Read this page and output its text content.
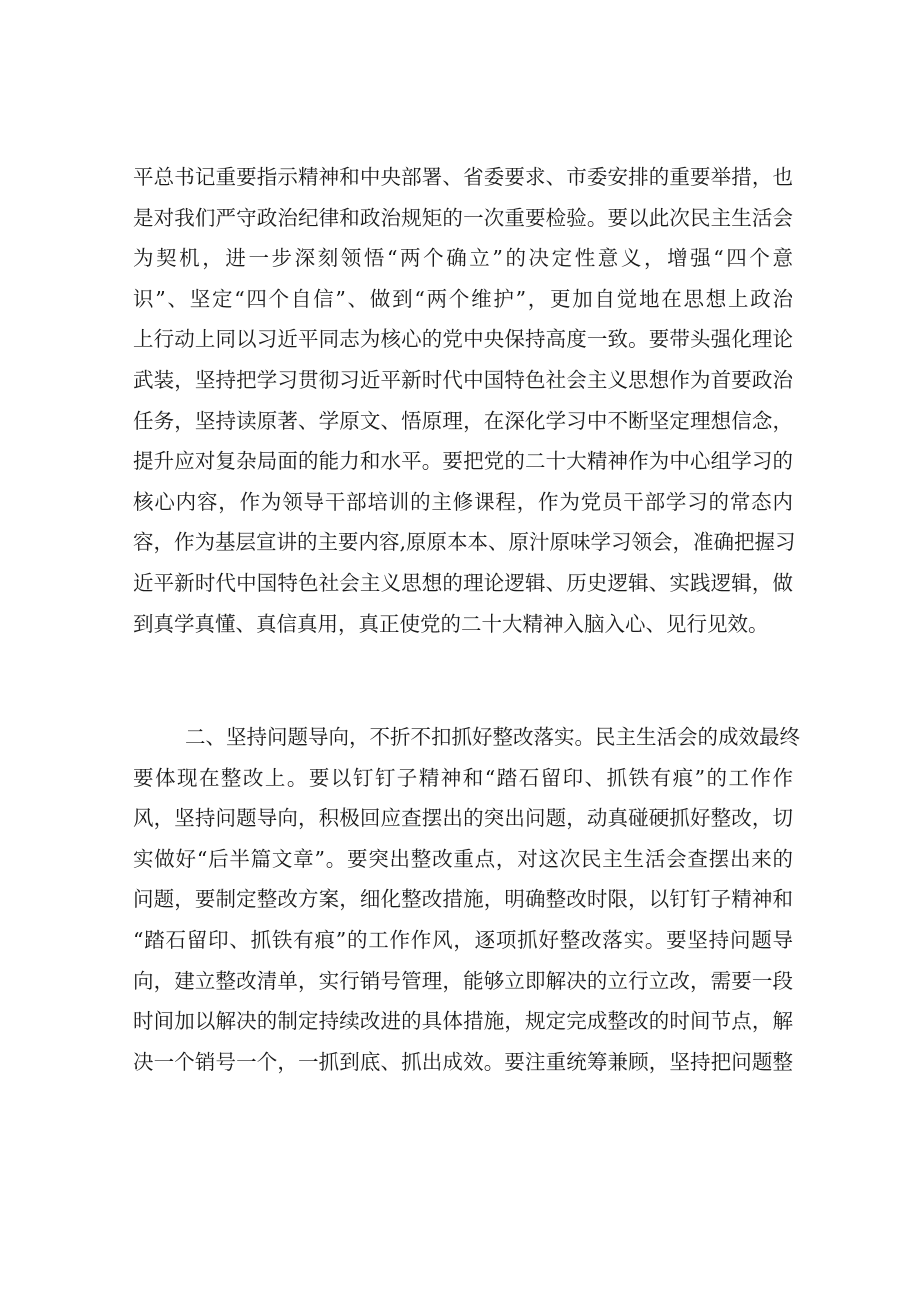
平总书记重要指示精神和中央部署、省委要求、市委安排的重要举措，也
是对我们严守政治纪律和政治规矩的一次重要检验。要以此次民主生活会
为契机，进一步深刻领悟“两个确立”的决定性意义，增强“四个意
识”、坚定“四个自信”、做到“两个维护”，更加自觉地在思想上政治
上行动上同以习近平同志为核心的党中央保持高度一致。要带头强化理论
武装，坚持把学习贯彻习近平新时代中国特色社会主义思想作为首要政治
任务，坚持读原著、学原文、悟原理，在深化学习中不断坚定理想信念，
提升应对复杂局面的能力和水平。要把党的二十大精神作为中心组学习的
核心内容，作为领导干部培训的主修课程，作为党员干部学习的常态内
容，作为基层宣讲的主要内容,原原本本、原汁原味学习领会，准确把握习
近平新时代中国特色社会主义思想的理论逻辑、历史逻辑、实践逻辑，做
到真学真懂、真信真用，真正使党的二十大精神入脑入心、见行见效。
二、坚持问题导向，不折不扣抓好整改落实。民主生活会的成效最终
要体现在整改上。要以钉钉子精神和“踏石留印、抓铁有痕”的工作作
风，坚持问题导向，积极回应查摆出的突出问题，动真碰硬抓好整改，切
实做好“后半篇文章”。要突出整改重点，对这次民主生活会查摆出来的
问题，要制定整改方案，细化整改措施，明确整改时限，以钉钉子精神和
“踏石留印、抓铁有痕”的工作作风，逐项抓好整改落实。要坚持问题导
向，建立整改清单，实行销号管理，能够立即解决的立行立改，需要一段
时间加以解决的制定持续改进的具体措施，规定完成整改的时间节点，解
决一个销号一个，一抓到底、抓出成效。要注重统筹兼顾，坚持把问题整
